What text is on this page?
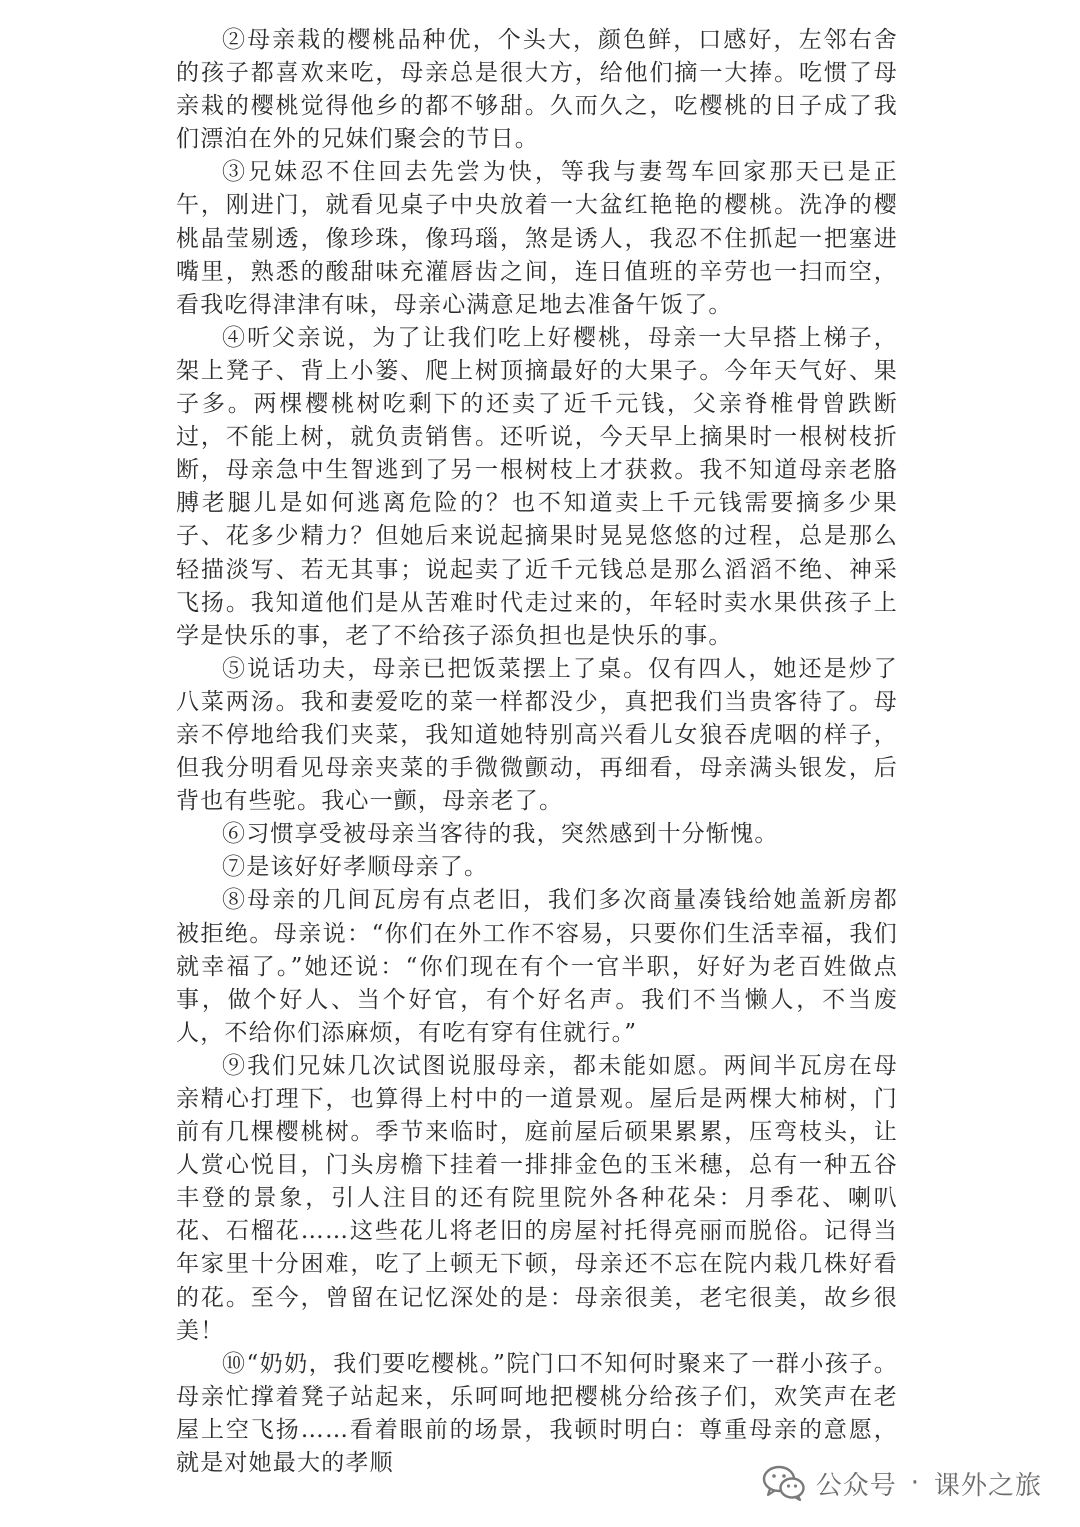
②母亲栽的樱桃品种优，个头大，颜色鲜，口感好，左邻右舍的孩子都喜欢来吃，母亲总是很大方，给他们摘一大捧。吃惯了母亲栽的樱桃觉得他乡的都不够甜。久而久之，吃樱桃的日子成了我们漂泊在外的兄妹们聚会的节日。

③兄妹忍不住回去先尝为快，等我与妻驾车回家那天已是正午，刚进门，就看见桌子中央放着一大盆红艳艳的樱桃。洗净的樱桃晶莹剔透，像珍珠，像玛瑙，煞是诱人，我忍不住抓起一把塞进嘴里，熟悉的酸甜味充灌唇齿之间，连日值班的辛劳也一扫而空，看我吃得津津有味，母亲心满意足地去准备午饭了。

④听父亲说，为了让我们吃上好樱桃，母亲一大早搭上梯子，架上凳子、背上小篓、爬上树顶摘最好的大果子。今年天气好、果子多。两棵樱桃树吃剩下的还卖了近千元钱，父亲脊椎骨曾跌断过，不能上树，就负责销售。还听说，今天早上摘果时一根树枝折断，母亲急中生智逃到了另一根树枝上才获救。我不知道母亲老胳膊老腿儿是如何逃离危险的？也不知道卖上千元钱需要摘多少果子、花多少精力？但她后来说起摘果时晃晃悠悠的过程，总是那么轻描淡写、若无其事；说起卖了近千元钱总是那么滔滔不绝、神采飞扬。我知道他们是从苦难时代走过来的，年轻时卖水果供孩子上学是快乐的事，老了不给孩子添负担也是快乐的事。

⑤说话功夫，母亲已把饭菜摆上了桌。仅有四人，她还是炒了八菜两汤。我和妻爱吃的菜一样都没少，真把我们当贵客待了。母亲不停地给我们夹菜，我知道她特别高兴看儿女狼吞虎咽的样子，但我分明看见母亲夹菜的手微微颤动，再细看，母亲满头银发，后背也有些驼。我心一颤，母亲老了。

⑥习惯享受被母亲当客待的我，突然感到十分惭愧。

⑦是该好好孝顺母亲了。

⑧母亲的几间瓦房有点老旧，我们多次商量凑钱给她盖新房都被拒绝。母亲说：“你们在外工作不容易，只要你们生活幸福，我们就幸福了。”她还说：“你们现在有个一官半职，好好为老百姓做点事，做个好人、当个好官，有个好名声。我们不当懒人，不当废人，不给你们添麻烦，有吃有穿有住就行。”

⑨我们兄妹几次试图说服母亲，都未能如愿。两间半瓦房在母亲精心打理下，也算得上村中的一道景观。屋后是两棵大柿树，门前有几棵樱桃树。季节来临时，庭前屋后硕果累累，压弯枝头，让人赏心悦目，门头房檐下挂着一排排金色的玉米穗，总有一种五谷丰登的景象，引人注目的还有院里院外各种花朵：月季花、喇叭花、石榴花……这些花儿将老旧的房屋衬托得亮丽而脱俗。记得当年家里十分困难，吃了上顿无下顿，母亲还不忘在院内栽几株好看的花。至今，曾留在记忆深处的是：母亲很美，老宅很美，故乡很美！

⑩“奶奶，我们要吃樱桃。”院门口不知何时聚来了一群小孩子。母亲忙撑着凳子站起来，乐呵呵地把樱桃分给孩子们，欢笑声在老屋上空飞扬……看着眼前的场景，我顿时明白：尊重母亲的意愿，就是对她最大的孝顺

公众号 · 课外之旅
